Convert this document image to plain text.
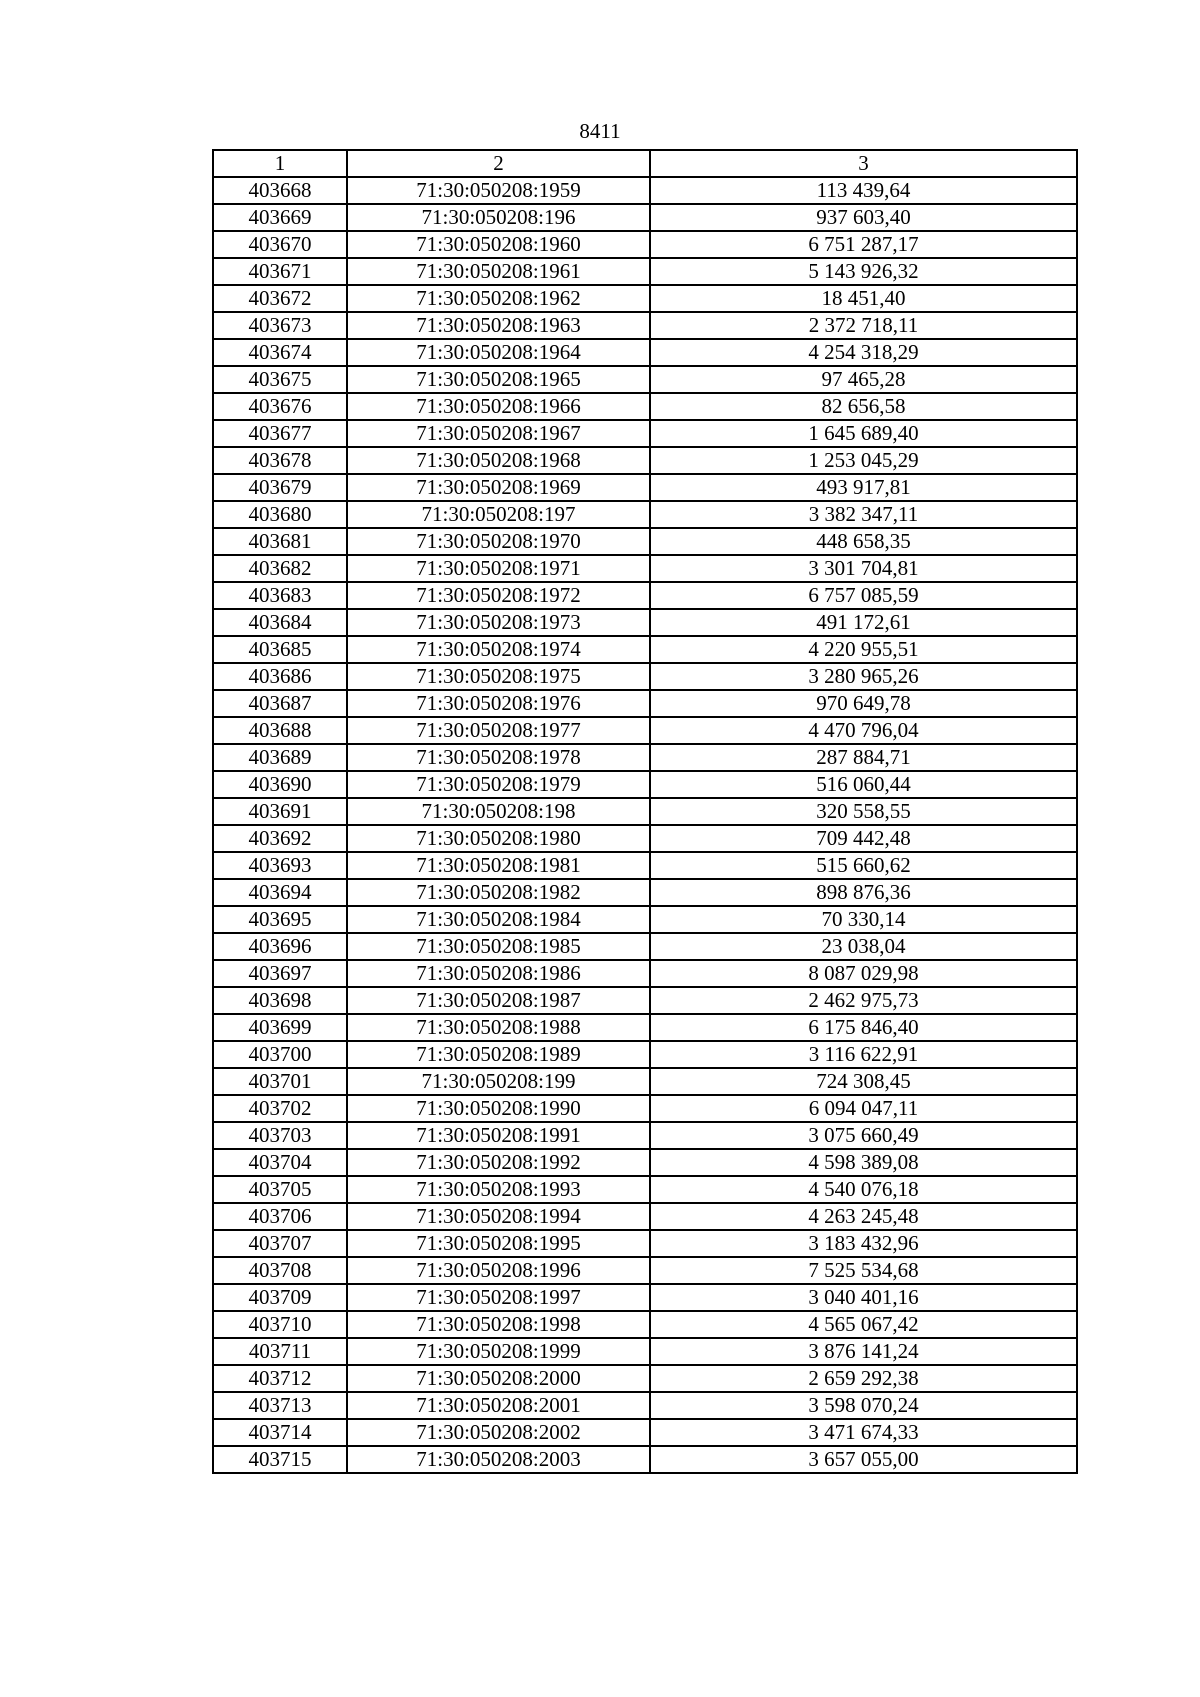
8411
1	2	3
403668	71:30:050208:1959	113 439,64
403669	71:30:050208:196	937 603,40
403670	71:30:050208:1960	6 751 287,17
403671	71:30:050208:1961	5 143 926,32
403672	71:30:050208:1962	18 451,40
403673	71:30:050208:1963	2 372 718,11
403674	71:30:050208:1964	4 254 318,29
403675	71:30:050208:1965	97 465,28
403676	71:30:050208:1966	82 656,58
403677	71:30:050208:1967	1 645 689,40
403678	71:30:050208:1968	1 253 045,29
403679	71:30:050208:1969	493 917,81
403680	71:30:050208:197	3 382 347,11
403681	71:30:050208:1970	448 658,35
403682	71:30:050208:1971	3 301 704,81
403683	71:30:050208:1972	6 757 085,59
403684	71:30:050208:1973	491 172,61
403685	71:30:050208:1974	4 220 955,51
403686	71:30:050208:1975	3 280 965,26
403687	71:30:050208:1976	970 649,78
403688	71:30:050208:1977	4 470 796,04
403689	71:30:050208:1978	287 884,71
403690	71:30:050208:1979	516 060,44
403691	71:30:050208:198	320 558,55
403692	71:30:050208:1980	709 442,48
403693	71:30:050208:1981	515 660,62
403694	71:30:050208:1982	898 876,36
403695	71:30:050208:1984	70 330,14
403696	71:30:050208:1985	23 038,04
403697	71:30:050208:1986	8 087 029,98
403698	71:30:050208:1987	2 462 975,73
403699	71:30:050208:1988	6 175 846,40
403700	71:30:050208:1989	3 116 622,91
403701	71:30:050208:199	724 308,45
403702	71:30:050208:1990	6 094 047,11
403703	71:30:050208:1991	3 075 660,49
403704	71:30:050208:1992	4 598 389,08
403705	71:30:050208:1993	4 540 076,18
403706	71:30:050208:1994	4 263 245,48
403707	71:30:050208:1995	3 183 432,96
403708	71:30:050208:1996	7 525 534,68
403709	71:30:050208:1997	3 040 401,16
403710	71:30:050208:1998	4 565 067,42
403711	71:30:050208:1999	3 876 141,24
403712	71:30:050208:2000	2 659 292,38
403713	71:30:050208:2001	3 598 070,24
403714	71:30:050208:2002	3 471 674,33
403715	71:30:050208:2003	3 657 055,00
